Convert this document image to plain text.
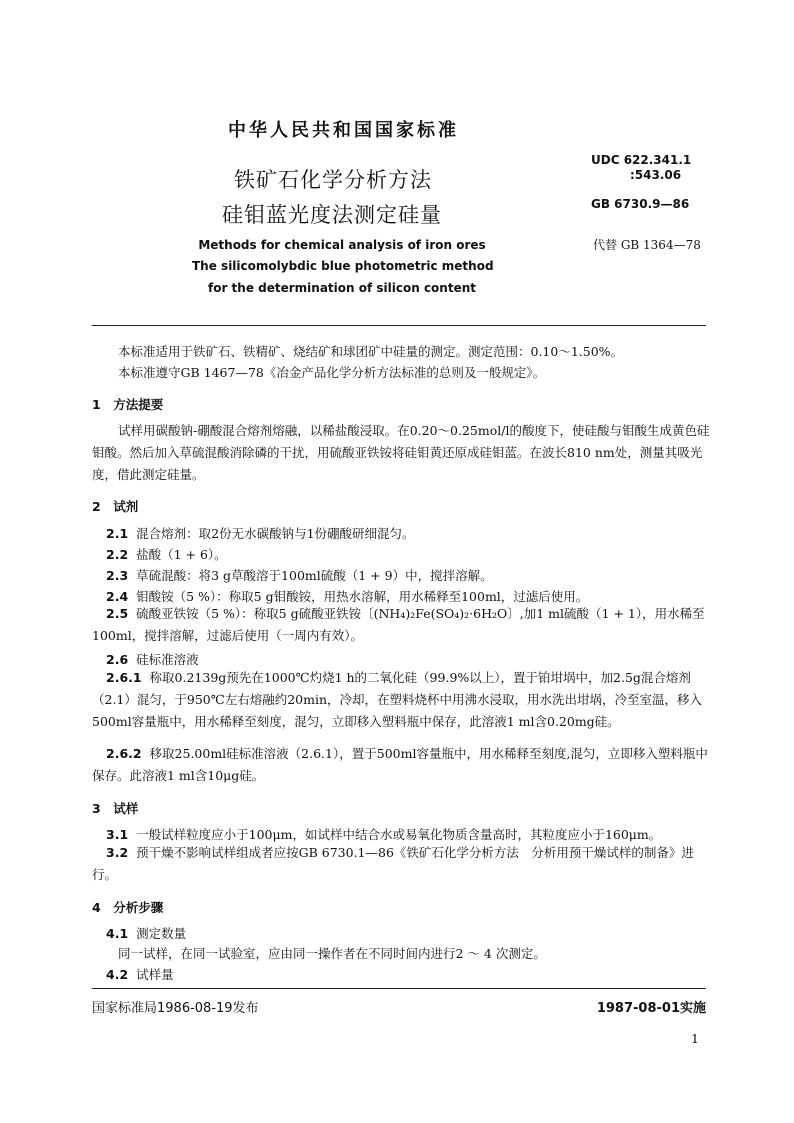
中华人民共和国国家标准
铁矿石化学分析方法
硅钼蓝光度法测定硅量
UDC 622.341.1
:543.06
GB 6730.9—86
代替 GB 1364—78
Methods for chemical analysis of iron ores
The silicomolybdic blue photometric method
for the determination of silicon content
本标准适用于铁矿石、铁精矿、烧结矿和球团矿中硅量的测定。测定范围：0.10～1.50%。
本标准遵守GB 1467—78《冶金产品化学分析方法标准的总则及一般规定》。
1　方法提要
试样用碳酸钠-硼酸混合熔剂熔融，以稀盐酸浸取。在0.20～0.25mol/l的酸度下，使硅酸与钼酸生成黄色硅钼酸。然后加入草硫混酸消除磷的干扰，用硫酸亚铁铵将硅钼黄还原成硅钼蓝。在波长810 nm处，测量其吸光度，借此测定硅量。
2　试剂
2.1 混合熔剂：取2份无水碳酸钠与1份硼酸研细混匀。
2.2 盐酸（1 + 6）。
2.3 草硫混酸：将3 g草酸溶于100ml硫酸（1 + 9）中，搅拌溶解。
2.4 钼酸铵（5 %）：称取5 g钼酸铵，用热水溶解，用水稀释至100ml，过滤后使用。
2.5 硫酸亚铁铵（5 %）：称取5 g硫酸亚铁铵〔(NH₄)₂Fe(SO₄)₂·6H₂O〕,加1 ml硫酸（1 + 1），用水稀至100ml，搅拌溶解，过滤后使用（一周内有效）。
2.6 硅标准溶液
2.6.1 称取0.2139g预先在1000℃灼烧1 h的二氧化硅（99.9%以上），置于铂坩埚中，加2.5g混合熔剂（2.1）混匀，于950℃左右熔融约20min，冷却，在塑料烧杯中用沸水浸取，用水洗出坩埚，冷至室温，移入500ml容量瓶中，用水稀释至刻度，混匀，立即移入塑料瓶中保存，此溶液1 ml含0.20mg硅。
2.6.2 移取25.00ml硅标准溶液（2.6.1），置于500ml容量瓶中，用水稀释至刻度,混匀，立即移入塑料瓶中保存。此溶液1 ml含10μg硅。
3　试样
3.1 一般试样粒度应小于100μm，如试样中结合水或易氧化物质含量高时，其粒度应小于160μm。
3.2 预干燥不影响试样组成者应按GB 6730.1—86《铁矿石化学分析方法　分析用预干燥试样的制备》进行。
4　分析步骤
4.1 测定数量
同一试样，在同一试验室，应由同一操作者在不同时间内进行2 ～ 4 次测定。
4.2 试样量
国家标准局1986-08-19发布	1987-08-01实施
1
